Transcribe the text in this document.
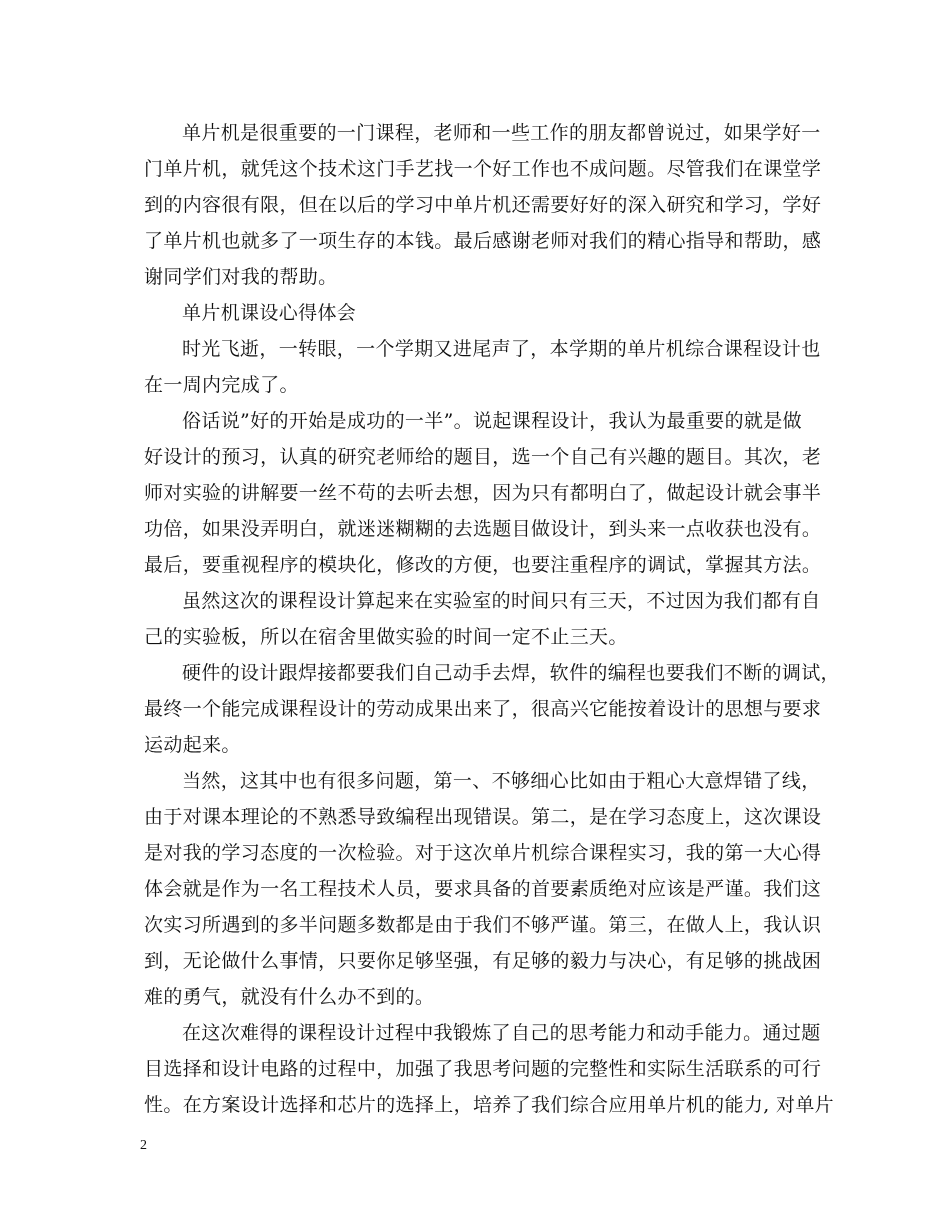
单片机是很重要的一门课程，老师和一些工作的朋友都曾说过，如果学好一
门单片机，就凭这个技术这门手艺找一个好工作也不成问题。尽管我们在课堂学
到的内容很有限，但在以后的学习中单片机还需要好好的深入研究和学习，学好
了单片机也就多了一项生存的本钱。最后感谢老师对我们的精心指导和帮助，感
谢同学们对我的帮助。
单片机课设心得体会
时光飞逝，一转眼，一个学期又进尾声了，本学期的单片机综合课程设计也
在一周内完成了。
俗话说”好的开始是成功的一半”。说起课程设计，我认为最重要的就是做
好设计的预习，认真的研究老师给的题目，选一个自己有兴趣的题目。其次，老
师对实验的讲解要一丝不苟的去听去想，因为只有都明白了，做起设计就会事半
功倍，如果没弄明白，就迷迷糊糊的去选题目做设计，到头来一点收获也没有。
最后，要重视程序的模块化，修改的方便，也要注重程序的调试，掌握其方法。
虽然这次的课程设计算起来在实验室的时间只有三天，不过因为我们都有自
己的实验板，所以在宿舍里做实验的时间一定不止三天。
硬件的设计跟焊接都要我们自己动手去焊，软件的编程也要我们不断的调试，
最终一个能完成课程设计的劳动成果出来了，很高兴它能按着设计的思想与要求
运动起来。
当然，这其中也有很多问题，第一、不够细心比如由于粗心大意焊错了线，
由于对课本理论的不熟悉导致编程出现错误。第二，是在学习态度上，这次课设
是对我的学习态度的一次检验。对于这次单片机综合课程实习，我的第一大心得
体会就是作为一名工程技术人员，要求具备的首要素质绝对应该是严谨。我们这
次实习所遇到的多半问题多数都是由于我们不够严谨。第三，在做人上，我认识
到，无论做什么事情，只要你足够坚强，有足够的毅力与决心，有足够的挑战困
难的勇气，就没有什么办不到的。
在这次难得的课程设计过程中我锻炼了自己的思考能力和动手能力。通过题
目选择和设计电路的过程中，加强了我思考问题的完整性和实际生活联系的可行
性。在方案设计选择和芯片的选择上，培养了我们综合应用单片机的能力, 对单片
2
